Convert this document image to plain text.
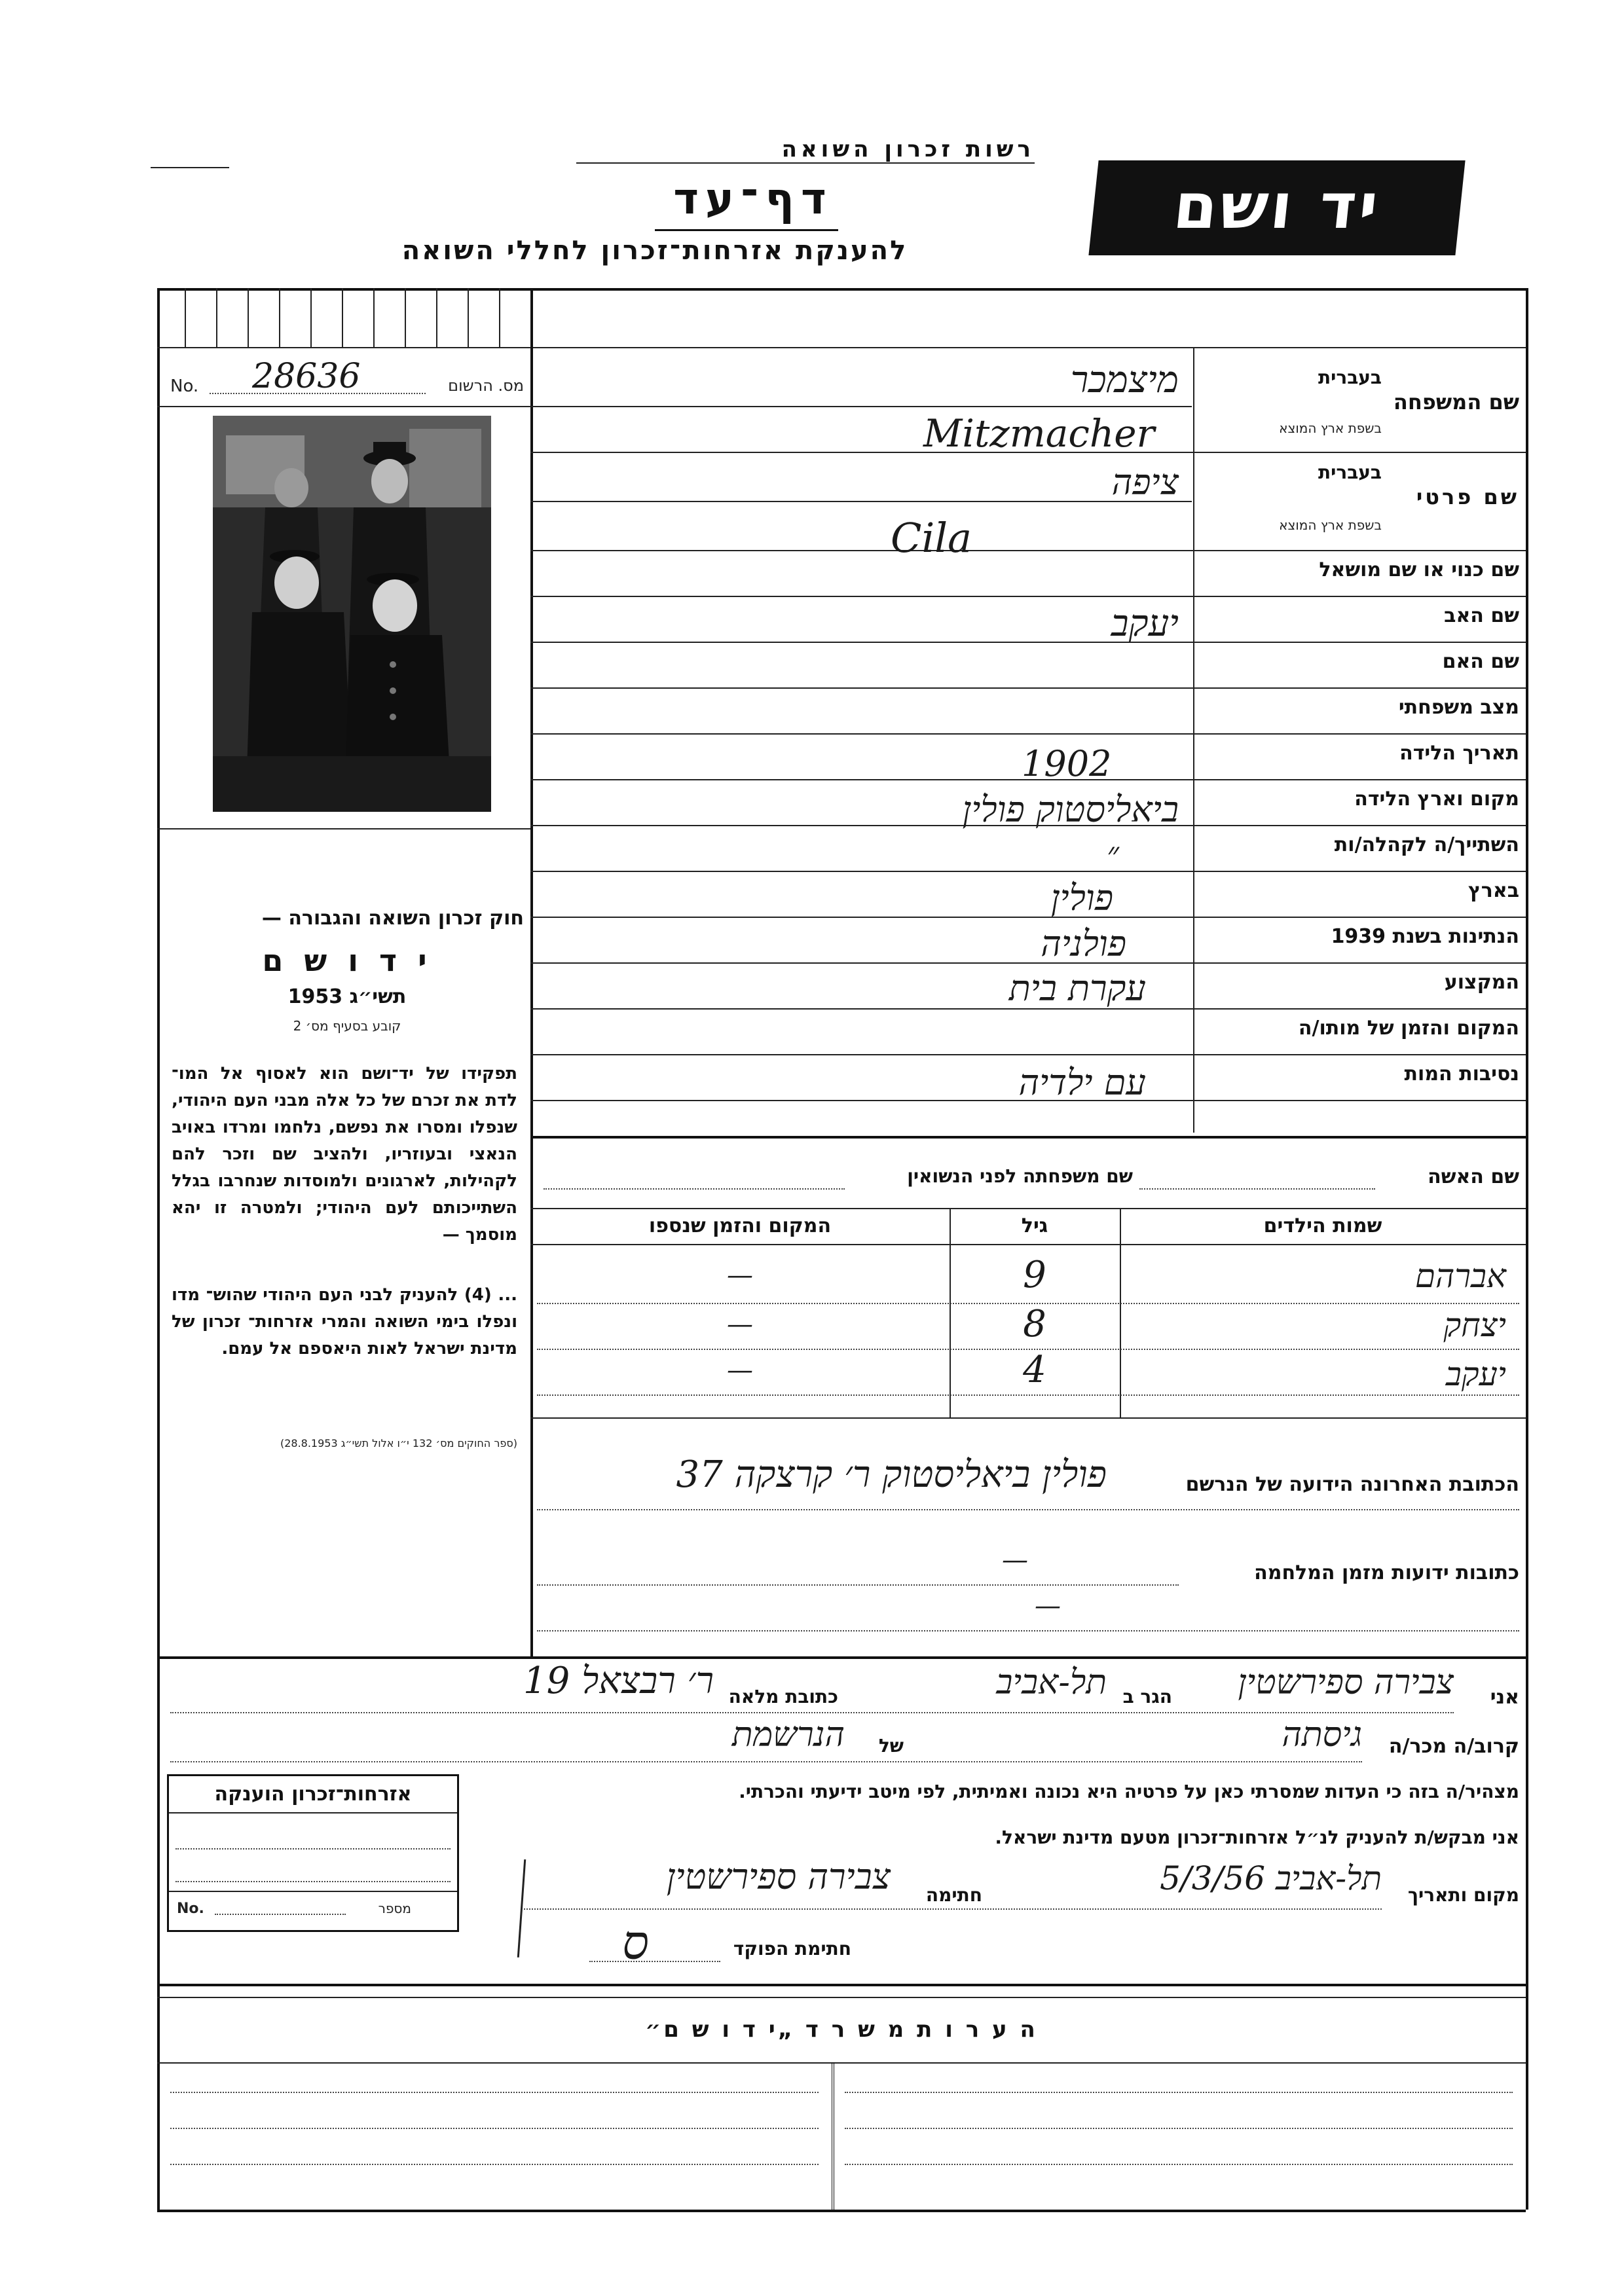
רשות זכרון השואה
דף־עד
להענקת אזרחות־זכרון לחללי השואה
יד ושם
No. 28636	מס. הרשום
חוק זכרון השואה והגבורה —
י ד ו ש ם
תשי״ג 1953
קובע בסעיף מס׳ 2
תפקידו של יד־ושם הוא לאסוף אל המו־ לדת את זכרם של כל אלה מבני העם היהודי, שנפלו ומסרו את נפשם, נלחמו ומרדו באויב הנאצי ובעוזריו, ולהציב שם וזכר להם לקהילות, לארגונים ולמוסדות שנחרבו בגלל השתייכותם לעם היהודי; ולמטרה זו יהא מוסמך —
... (4) להעניק לבני העם היהודי שהוש־ מדו ונפלו בימי השואה והמרי אזרחות־ זכרון של מדינת ישראל לאות היאספם אל עמם.
(ספר החוקים מס׳ 132 י״ו אלול תשי״ג 28.8.1953)
בעברית
שם המשפחה
בשפת ארץ המוצא
בעברית
שם פרטי
בשפת ארץ המוצא
שם כנוי או שם מושאל
שם האב
שם האם
מצב משפחתי
תאריך הלידה
מקום וארץ הלידה
השתייך/ה לקהלה/ות
בארץ
הנתינות בשנת 1939
המקצוע
המקום והזמן של מותו/ה
נסיבות המות
מיצמכר
Mitzmacher
ציפה
Cila
יעקב
1902
ביאליסטוק פולין
״
פולין
פולניה
עקרת בית
עם ילדיה
שם האשה
שם משפחתה לפני הנשואין
שמות הילדים
גיל
המקום והזמן שנספו
אברהם
9
—
יצחק
8
—
יעקב
4
—
הכתובת האחרונה הידועה של הנרשם
פולין ביאליסטוק ר׳ קרצקה 37
כתובות ידועות מזמן המלחמה
—
—
אני
צבירה ספירשטין
הגר ב
תל-אביב
כתובת מלאה
ר׳ רבצאל 19
קרוב/ה מכר/ה
גיסתה
של
הנרשמת
מצהיר/ה בזה כי העדות שמסרתי כאן על פרטיה היא נכונה ואמיתית, לפי מיטב ידיעתי והכרתי.
אני מבקש/ת להעניק לנ״ל אזרחות־זכרון מטעם מדינת ישראל.
מקום ותאריך
תל-אביב 5/3/56
חתימה
צבירה ספירשטין
חתימת הפוקד
ס
אזרחות־זכרון הוענקה
No.	מספר
ה ע ר ו ת מ ש ר ד „י ד ו ש ם״
